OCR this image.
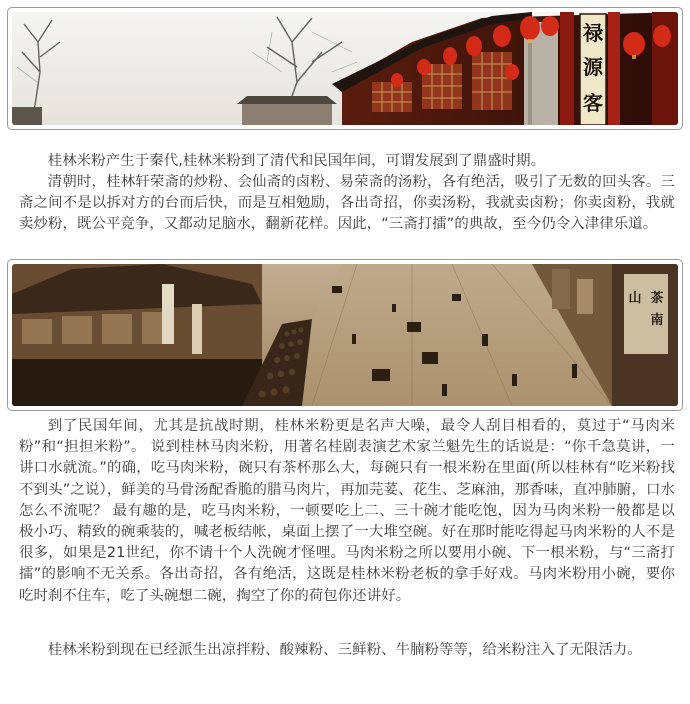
禄
源
客

桂林米粉产生于秦代,桂林米粉到了清代和民国年间，可谓发展到了鼎盛时期。

清朝时，桂林轩荣斋的炒粉、会仙斋的卤粉、易荣斋的汤粉，各有绝活，吸引了无数的回头客。三斋之间不是以拆对方的台而后快，而是互相勉励，各出奇招，你卖汤粉，我就卖卤粉；你卖卤粉，我就卖炒粉，既公平竞争，又都动足脑水，翻新花样。因此，“三斋打擂”的典故，至今仍令入津律乐道。

山 茶
南

到了民国年间，尤其是抗战时期，桂林米粉更是名声大噪，最令人刮目相看的，莫过于“马肉米粉”和“担担米粉”。 说到桂林马肉米粉，用著名桂剧表演艺术家兰魁先生的话说是：“你千急莫讲，一讲口水就流。”的确，吃马肉米粉，碗只有茶杯那么大，每碗只有一根米粉在里面(所以桂林有“吃米粉找不到头”之说），鲜美的马骨汤配香脆的腊马肉片，再加芫荽、花生、芝麻油，那香味，直冲肺腑，口水怎么不流呢？ 最有趣的是，吃马肉米粉，一顿要吃上二、三十碗才能吃饱，因为马肉米粉一般都是以极小巧、精致的碗乘装的，喊老板结帐，桌面上摆了一大堆空碗。好在那时能吃得起马肉米粉的人不是很多，如果是21世纪，你不请十个人洗碗才怪哩。马肉米粉之所以要用小碗、下一根米粉，与“三斋打擂”的影响不无关系。各出奇招，各有绝活，这既是桂林米粉老板的拿手好戏。马肉米粉用小碗，要你吃时刹不住车，吃了头碗想二碗，掏空了你的荷包你还讲好。

桂林米粉到现在已经派生出凉拌粉、酸辣粉、三鲜粉、牛腩粉等等，给米粉注入了无限活力。
